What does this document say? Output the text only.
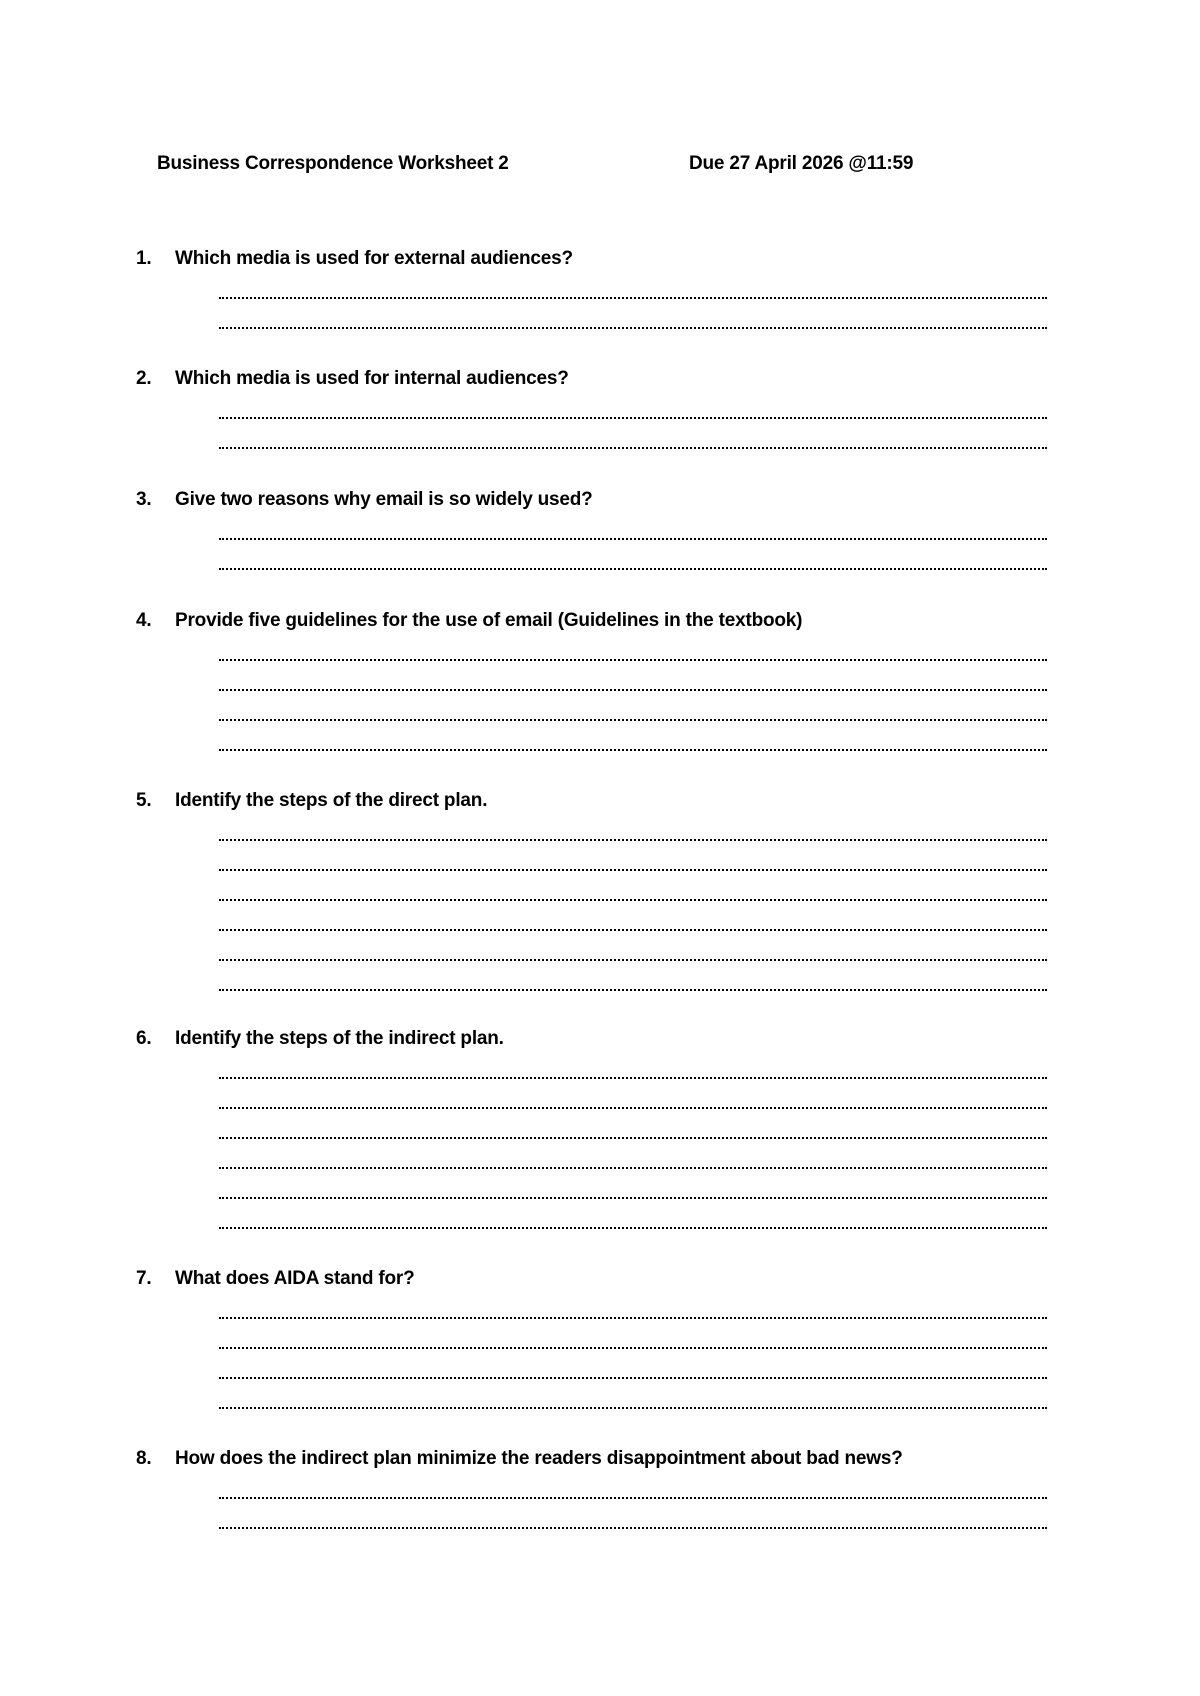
Business Correspondence Worksheet 2	Due 27 April 2026 @11:59
1. Which media is used for external audiences?
2. Which media is used for internal audiences?
3. Give two reasons why email is so widely used?
4. Provide five guidelines for the use of email (Guidelines in the textbook)
5. Identify the steps of the direct plan.
6. Identify the steps of the indirect plan.
7. What does AIDA stand for?
8. How does the indirect plan minimize the readers disappointment about bad news?
